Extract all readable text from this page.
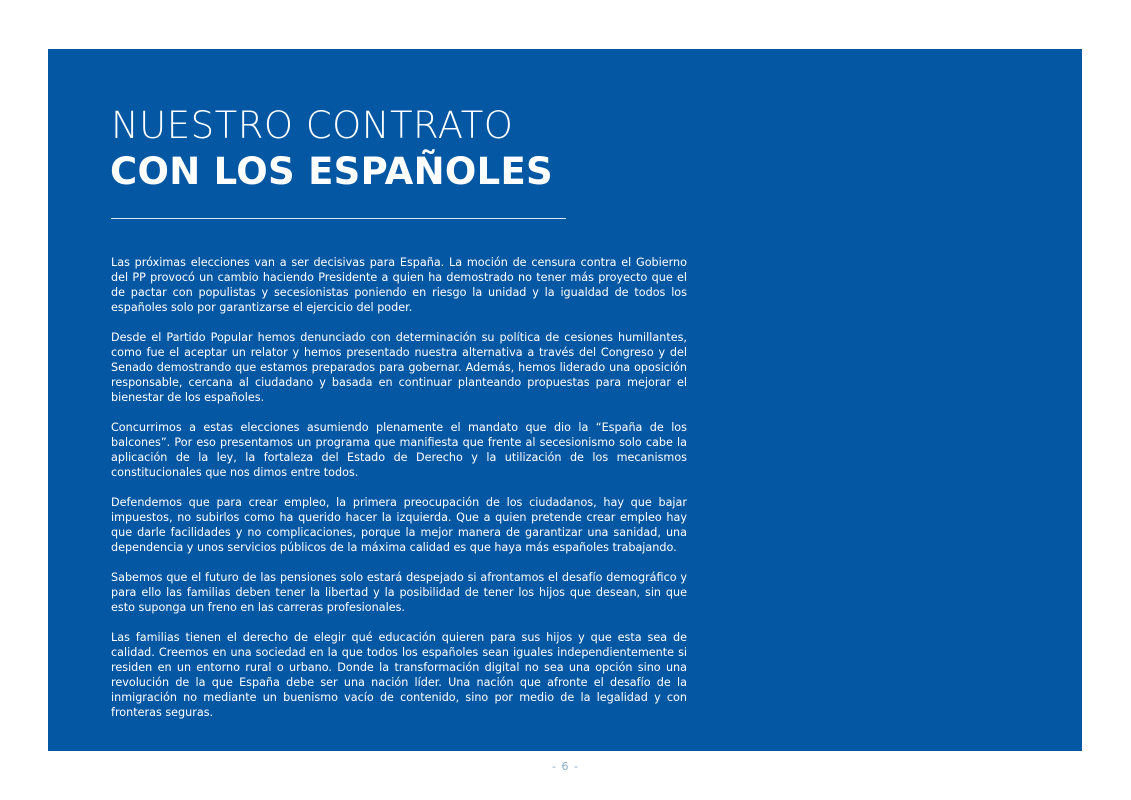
NUESTRO CONTRATO
CON LOS ESPAÑOLES

Las próximas elecciones van a ser decisivas para España. La moción de censura contra el Gobierno del PP provocó un cambio haciendo Presidente a quien ha demostrado no tener más proyecto que el de pactar con populistas y secesionistas poniendo en riesgo la unidad y la igualdad de todos los españoles solo por garantizarse el ejercicio del poder.

Desde el Partido Popular hemos denunciado con determinación su política de cesiones humillantes, como fue el aceptar un relator y hemos presentado nuestra alternativa a través del Congreso y del Senado demostrando que estamos preparados para gobernar. Además, hemos liderado una oposición responsable, cercana al ciudadano y basada en continuar planteando propuestas para mejorar el bienestar de los españoles.

Concurrimos a estas elecciones asumiendo plenamente el mandato que dio la “España de los balcones”. Por eso presentamos un programa que manifiesta que frente al secesionismo solo cabe la aplicación de la ley, la fortaleza del Estado de Derecho y la utilización de los mecanismos constitucionales que nos dimos entre todos.

Defendemos que para crear empleo, la primera preocupación de los ciudadanos, hay que bajar impuestos, no subirlos como ha querido hacer la izquierda. Que a quien pretende crear empleo hay que darle facilidades y no complicaciones, porque la mejor manera de garantizar una sanidad, una dependencia y unos servicios públicos de la máxima calidad es que haya más españoles trabajando.

Sabemos que el futuro de las pensiones solo estará despejado si afrontamos el desafío demográfico y para ello las familias deben tener la libertad y la posibilidad de tener los hijos que desean, sin que esto suponga un freno en las carreras profesionales.

Las familias tienen el derecho de elegir qué educación quieren para sus hijos y que esta sea de calidad. Creemos en una sociedad en la que todos los españoles sean iguales independientemente si residen en un entorno rural o urbano. Donde la transformación digital no sea una opción sino una revolución de la que España debe ser una nación líder. Una nación que afronte el desafío de la inmigración no mediante un buenismo vacío de contenido, sino por medio de la legalidad y con fronteras seguras.

- 6 -
